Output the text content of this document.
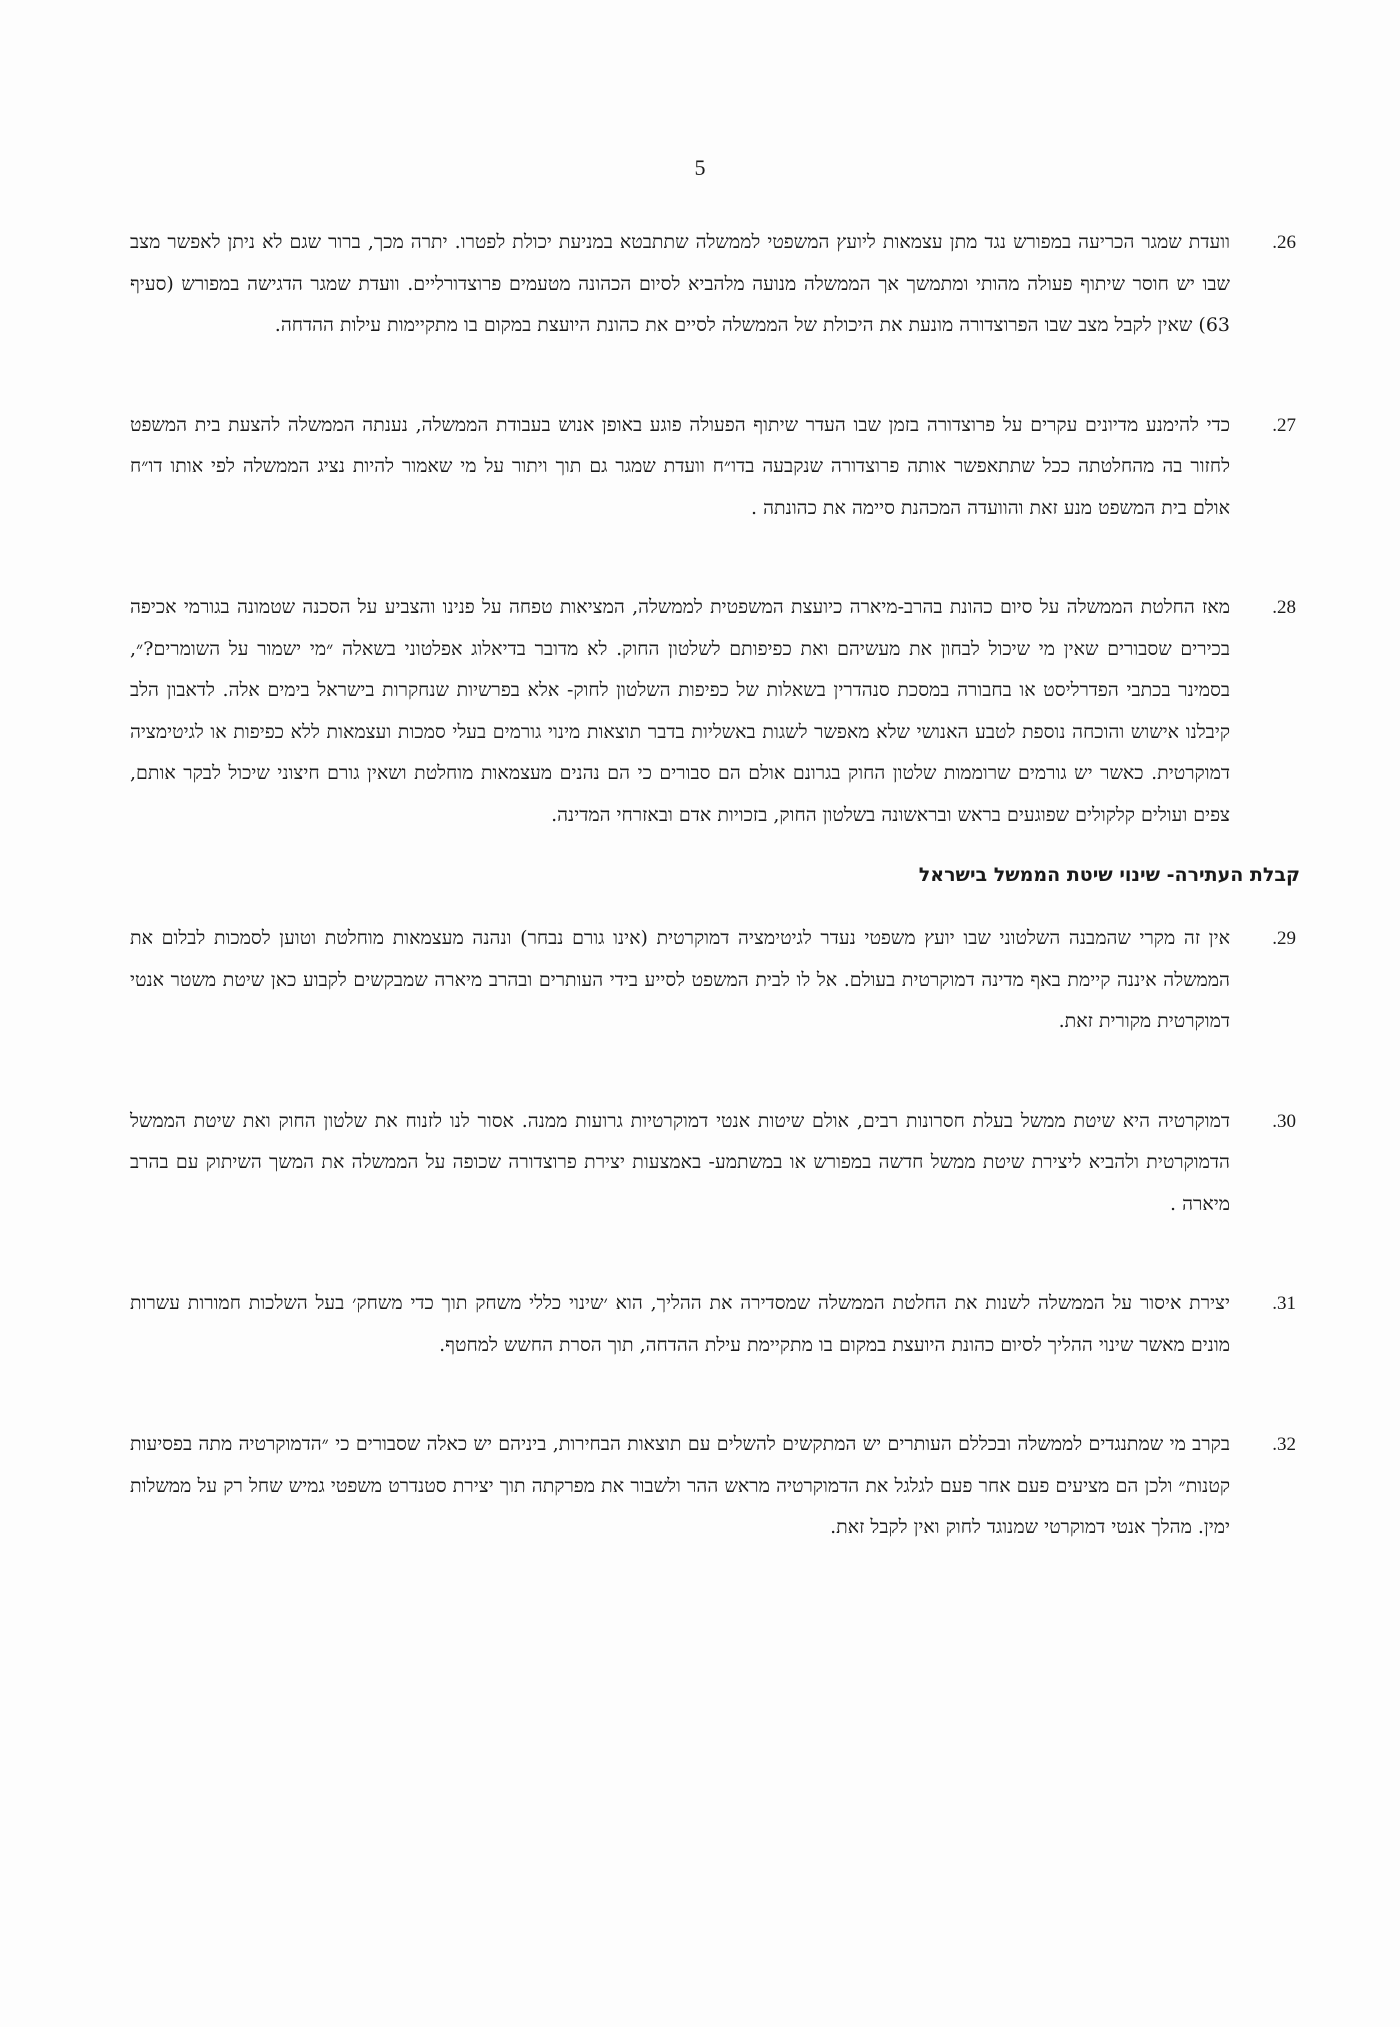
5
.26
וועדת שמגר הכריעה במפורש נגד מתן עצמאות ליועץ המשפטי לממשלה שתתבטא במניעת יכולת לפטרו. יתרה מכך, ברור שגם לא ניתן לאפשר מצב שבו יש חוסר שיתוף פעולה מהותי ומתמשך אך הממשלה מנועה מלהביא לסיום הכהונה מטעמים פרוצדורליים. וועדת שמגר הדגישה במפורש (סעיף 63) שאין לקבל מצב שבו הפרוצדורה מונעת את היכולת של הממשלה לסיים את כהונת היועצת במקום בו מתקיימות עילות ההדחה.
.27
כדי להימנע מדיונים עקרים על פרוצדורה בזמן שבו העדר שיתוף הפעולה פוגע באופן אנוש בעבודת הממשלה, נענתה הממשלה להצעת בית המשפט לחזור בה מהחלטתה ככל שתתאפשר אותה פרוצדורה שנקבעה בדו״ח וועדת שמגר גם תוך ויתור על מי שאמור להיות נציג הממשלה לפי אותו דו״ח אולם בית המשפט מנע זאת והוועדה המכהנת סיימה את כהונתה .
.28
מאז החלטת הממשלה על סיום כהונת בהרב-מיארה כיועצת המשפטית לממשלה, המציאות טפחה על פנינו והצביע על הסכנה שטמונה בגורמי אכיפה בכירים שסבורים שאין מי שיכול לבחון את מעשיהם ואת כפיפותם לשלטון החוק. לא מדובר בדיאלוג אפלטוני בשאלה ״מי ישמור על השומרים?״, בסמינר בכתבי הפדרליסט או בחבורה במסכת סנהדרין בשאלות של כפיפות השלטון לחוק- אלא בפרשיות שנחקרות בישראל בימים אלה. לדאבון הלב קיבלנו אישוש והוכחה נוספת לטבע האנושי שלא מאפשר לשגות באשליות בדבר תוצאות מינוי גורמים בעלי סמכות ועצמאות ללא כפיפות או לגיטימציה דמוקרטית. כאשר יש גורמים שרוממות שלטון החוק בגרונם אולם הם סבורים כי הם נהנים מעצמאות מוחלטת ושאין גורם חיצוני שיכול לבקר אותם, צפים ועולים קלקולים שפוגעים בראש ובראשונה בשלטון החוק, בזכויות אדם ובאזרחי המדינה.
קבלת העתירה- שינוי שיטת הממשל בישראל
.29
אין זה מקרי שהמבנה השלטוני שבו יועץ משפטי נעדר לגיטימציה דמוקרטית (אינו גורם נבחר) ונהנה מעצמאות מוחלטת וטוען לסמכות לבלום את הממשלה איננה קיימת באף מדינה דמוקרטית בעולם. אל לו לבית המשפט לסייע בידי העותרים ובהרב מיארה שמבקשים לקבוע כאן שיטת משטר אנטי דמוקרטית מקורית זאת.
.30
דמוקרטיה היא שיטת ממשל בעלת חסרונות רבים, אולם שיטות אנטי דמוקרטיות גרועות ממנה. אסור לנו לזנוח את שלטון החוק ואת שיטת הממשל הדמוקרטית ולהביא ליצירת שיטת ממשל חדשה במפורש או במשתמע- באמצעות יצירת פרוצדורה שכופה על הממשלה את המשך השיתוק עם בהרב מיארה .
.31
יצירת איסור על הממשלה לשנות את החלטת הממשלה שמסדירה את ההליך, הוא ׳שינוי כללי משחק תוך כדי משחק׳ בעל השלכות חמורות עשרות מונים מאשר שינוי ההליך לסיום כהונת היועצת במקום בו מתקיימת עילת ההדחה, תוך הסרת החשש למחטף.
.32
בקרב מי שמתנגדים לממשלה ובכללם העותרים יש המתקשים להשלים עם תוצאות הבחירות, ביניהם יש כאלה שסבורים כי ״הדמוקרטיה מתה בפסיעות קטנות״ ולכן הם מציעים פעם אחר פעם לגלגל את הדמוקרטיה מראש ההר ולשבור את מפרקתה תוך יצירת סטנדרט משפטי גמיש שחל רק על ממשלות ימין. מהלך אנטי דמוקרטי שמנוגד לחוק ואין לקבל זאת.
